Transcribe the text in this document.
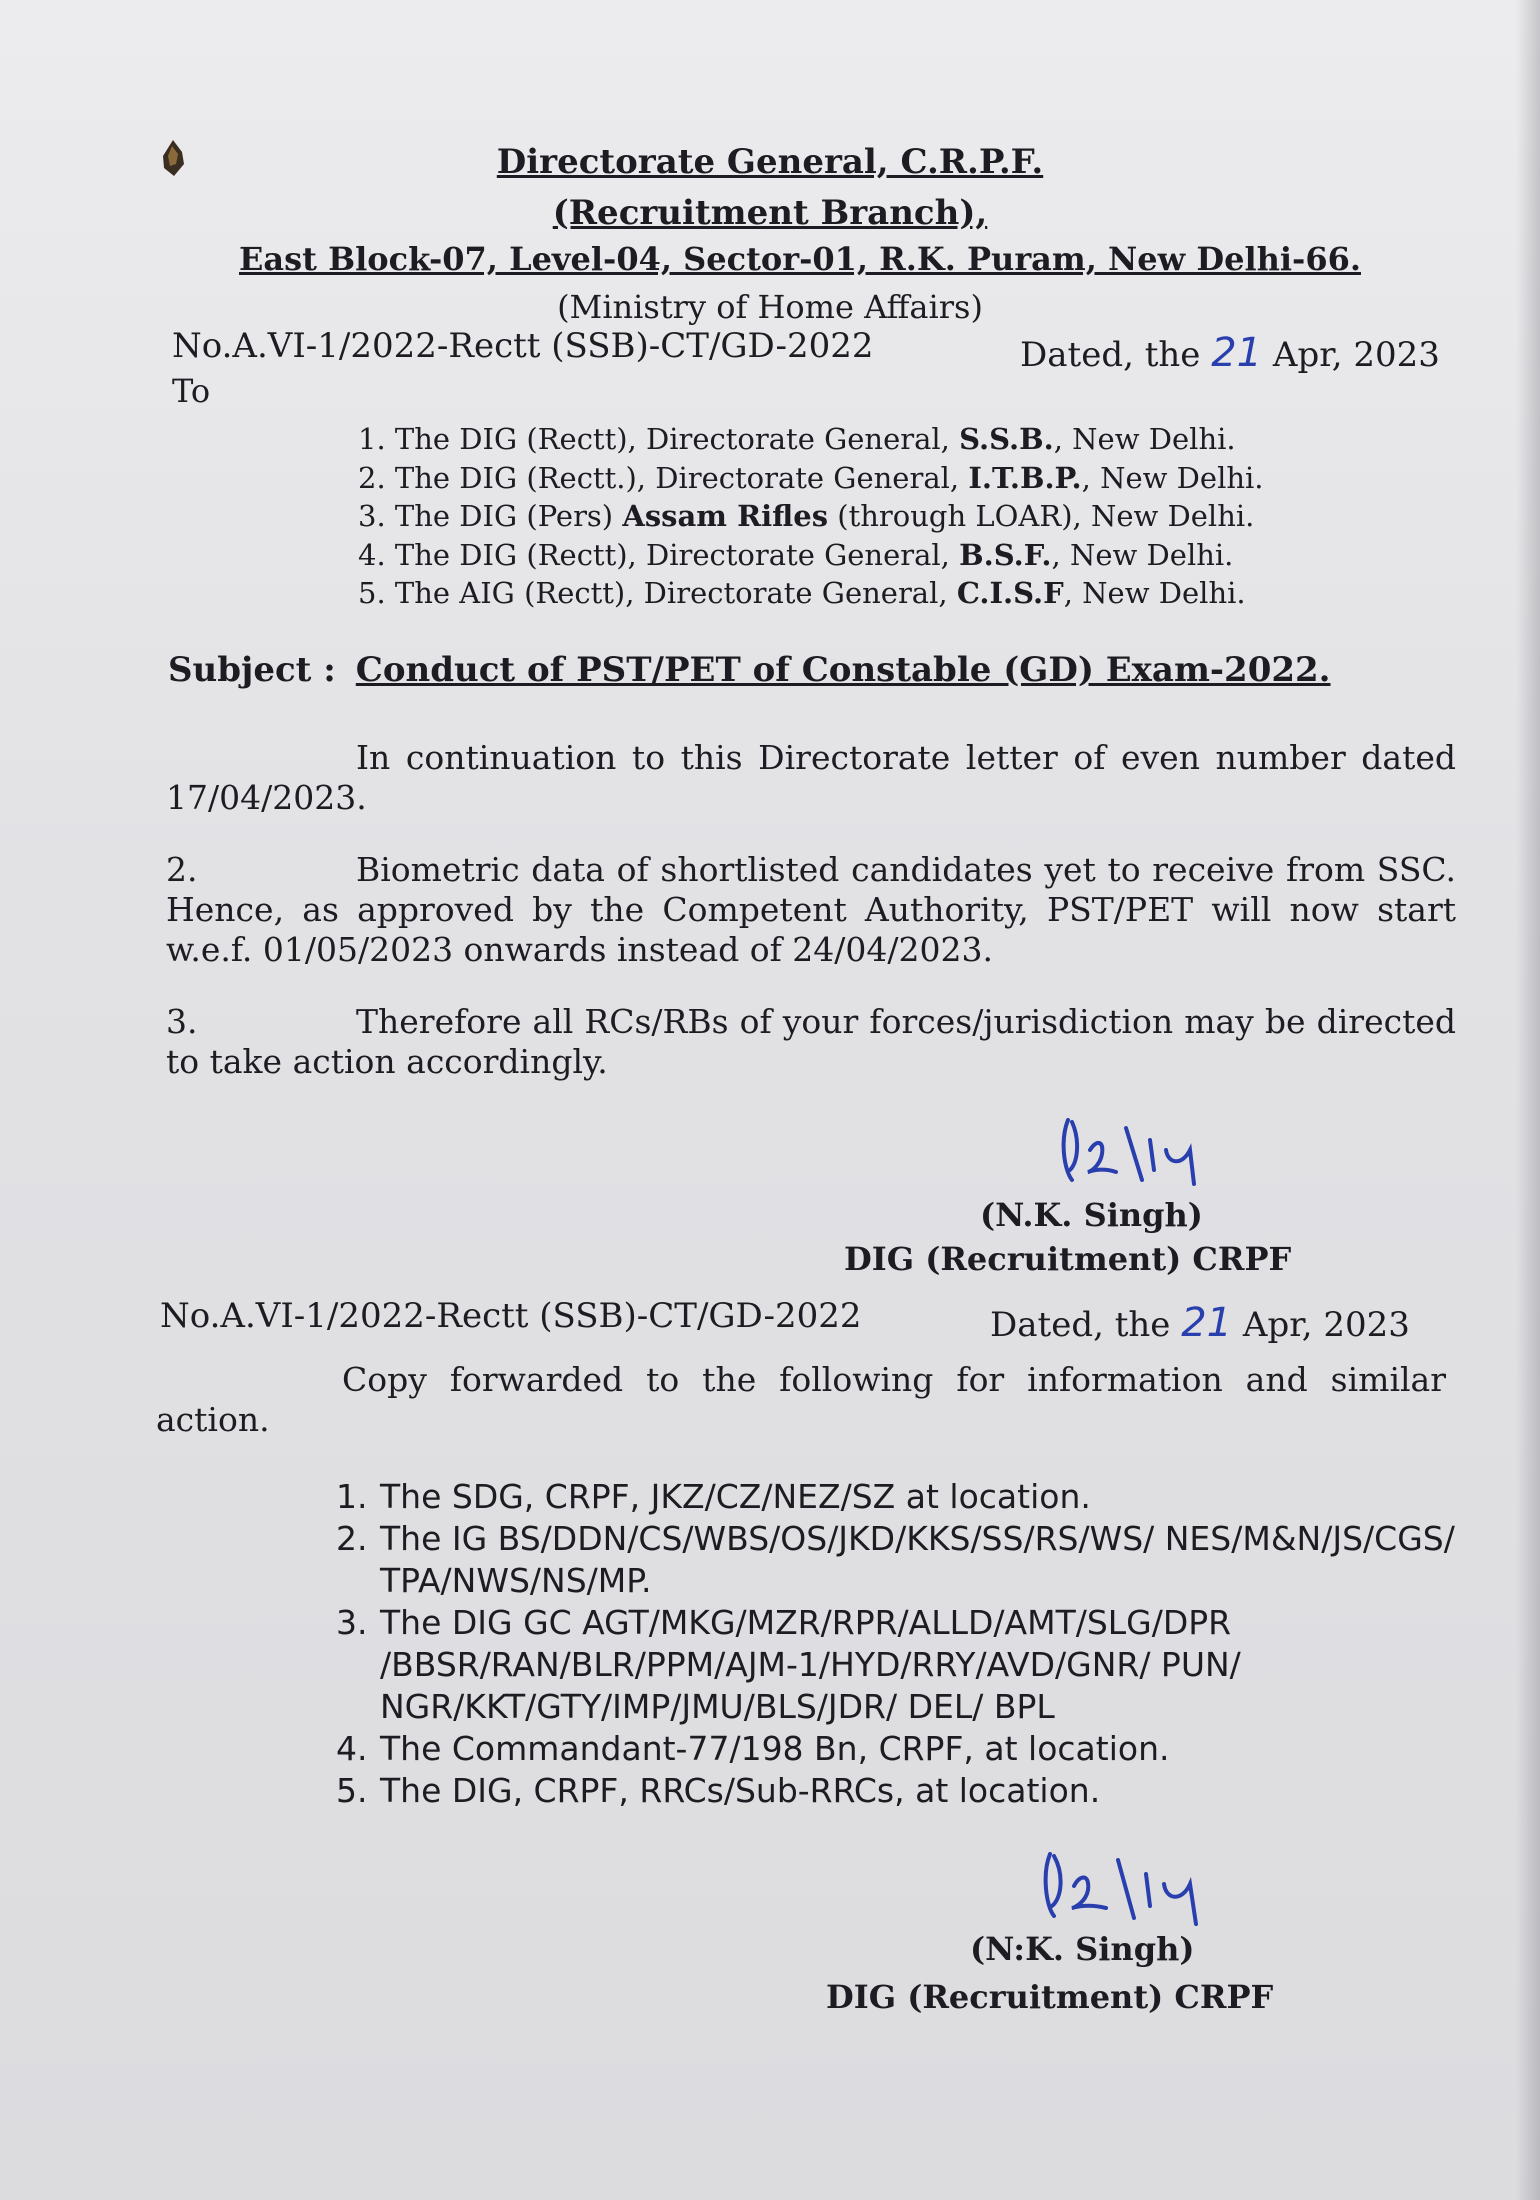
Directorate General, C.R.P.F.
(Recruitment Branch),
East Block-07, Level-04, Sector-01, R.K. Puram, New Delhi-66.
(Ministry of Home Affairs)
No.A.VI-1/2022-Rectt (SSB)-CT/GD-2022	Dated, the 21 Apr, 2023
To
1. The DIG (Rectt), Directorate General, S.S.B., New Delhi.
2. The DIG (Rectt.), Directorate General, I.T.B.P., New Delhi.
3. The DIG (Pers) Assam Rifles (through LOAR), New Delhi.
4. The DIG (Rectt), Directorate General, B.S.F., New Delhi.
5. The AIG (Rectt), Directorate General, C.I.S.F, New Delhi.
Subject : Conduct of PST/PET of Constable (GD) Exam-2022.
In continuation to this Directorate letter of even number dated 17/04/2023.
2.	Biometric data of shortlisted candidates yet to receive from SSC. Hence, as approved by the Competent Authority, PST/PET will now start w.e.f. 01/05/2023 onwards instead of 24/04/2023.
3.	Therefore all RCs/RBs of your forces/jurisdiction may be directed to take action accordingly.
(N.K. Singh)
DIG (Recruitment) CRPF
No.A.VI-1/2022-Rectt (SSB)-CT/GD-2022	Dated, the 21 Apr, 2023
Copy forwarded to the following for information and similar action.
1. The SDG, CRPF, JKZ/CZ/NEZ/SZ at location.
2. The IG BS/DDN/CS/WBS/OS/JKD/KKS/SS/RS/WS/ NES/M&N/JS/CGS/ TPA/NWS/NS/MP.
3. The DIG GC AGT/MKG/MZR/RPR/ALLD/AMT/SLG/DPR /BBSR/RAN/BLR/PPM/AJM-1/HYD/RRY/AVD/GNR/ PUN/ NGR/KKT/GTY/IMP/JMU/BLS/JDR/ DEL/ BPL
4. The Commandant-77/198 Bn, CRPF, at location.
5. The DIG, CRPF, RRCs/Sub-RRCs, at location.
(N:K. Singh)
DIG (Recruitment) CRPF
